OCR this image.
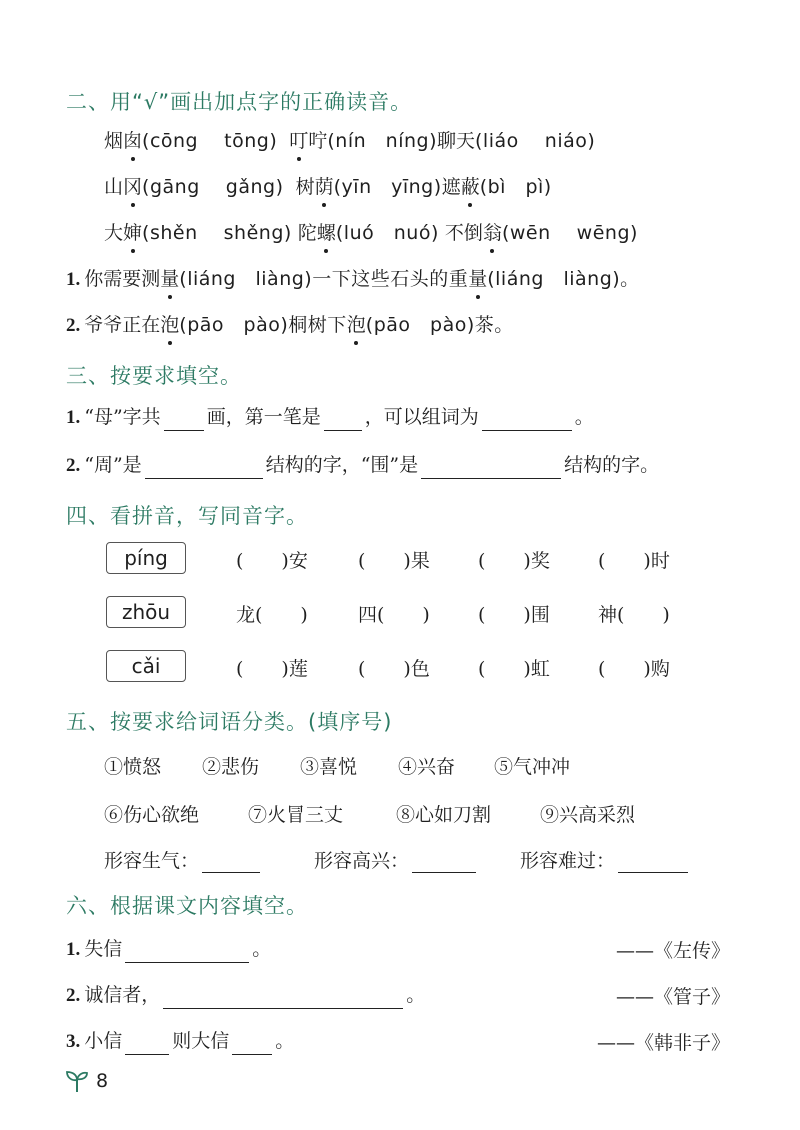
二、用“√”画出加点字的正确读音。
烟囱(cōng　 tōng) 叮咛(nín　níng)聊天(liáo　 niáo)
山冈(gāng　 gǎng) 树荫(yīn　yīng)遮蔽(bì　pì)
大婶(shěn　 shěng) 陀螺(luó　nuó) 不倒翁(wēn　 wēng)
1. 你需要测量(liáng　liàng)一下这些石头的重量(liáng　liàng)。
2. 爷爷正在泡(pāo　pào)桐树下泡(pāo　pào)茶。
三、按要求填空。
1. “母”字共 画，第一笔是 ，可以组词为	。
2. “周”是	结构的字，“围”是	结构的字。
四、看拼音，写同音字。
píng	(　　)安	(　　)果	(　　)奖	(　　)时
zhōu	龙(　　)	四(　　)	(　　)围	神(　　)
cǎi	(　　)莲	(　　)色	(　　)虹	(　　)购
五、按要求给词语分类。(填序号)
①愤怒 ②悲伤 ③喜悦 ④兴奋 ⑤气冲冲
⑥伤心欲绝	⑦火冒三丈	⑧心如刀割	⑨兴高采烈
形容生气：	形容高兴：	形容难过：
六、根据课文内容填空。
1. 失信	。	——《左传》
2. 诚信者，	。	——《管子》
3. 小信	则大信 。	——《韩非子》
8
